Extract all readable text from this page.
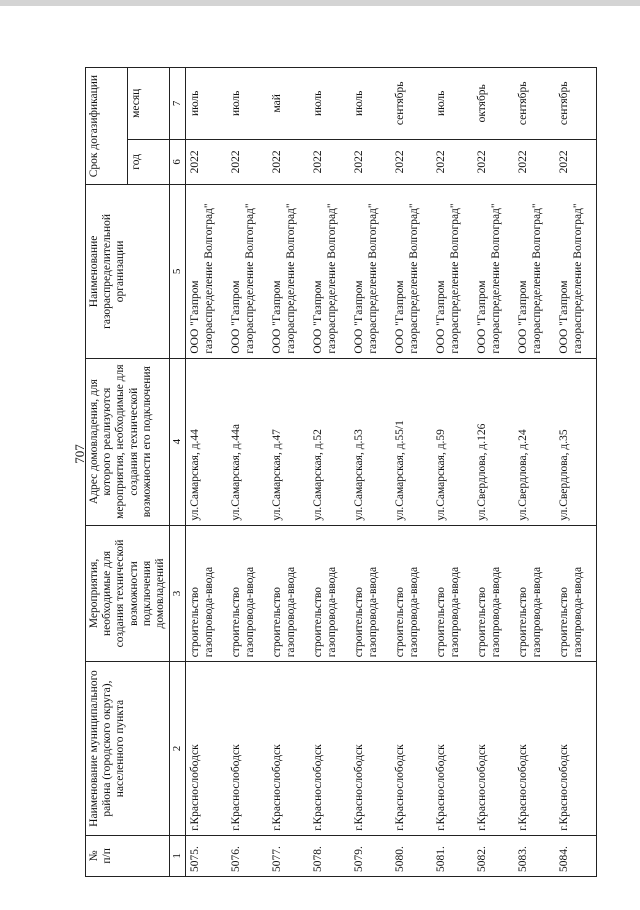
707
№
п/п	Наименование муниципального района (городского округа), населенного пункта	Мероприятия, необходимые для создания технической возможности подключения домовладений	Адрес домовладения, для которого реализуются мероприятия, необходимые для создания технической возможности его подключения	Наименование газораспределительной организации	Срок догазификации	
					год	месяц
1	2	3	4	5	6	7
5075.	г.Краснослободск	строительство газопровода-ввода	ул.Самарская, д.44	ООО "Газпром газораспределение Волгоград"	2022	июль
5076.	г.Краснослободск	строительство газопровода-ввода	ул.Самарская, д.44а	ООО "Газпром газораспределение Волгоград"	2022	июль
5077.	г.Краснослободск	строительство газопровода-ввода	ул.Самарская, д.47	ООО "Газпром газораспределение Волгоград"	2022	май
5078.	г.Краснослободск	строительство газопровода-ввода	ул.Самарская, д.52	ООО "Газпром газораспределение Волгоград"	2022	июль
5079.	г.Краснослободск	строительство газопровода-ввода	ул.Самарская, д.53	ООО "Газпром газораспределение Волгоград"	2022	июль
5080.	г.Краснослободск	строительство газопровода-ввода	ул.Самарская, д.55/1	ООО "Газпром газораспределение Волгоград"	2022	сентябрь
5081.	г.Краснослободск	строительство газопровода-ввода	ул.Самарская, д.59	ООО "Газпром газораспределение Волгоград"	2022	июль
5082.	г.Краснослободск	строительство газопровода-ввода	ул.Свердлова, д.126	ООО "Газпром газораспределение Волгоград"	2022	октябрь
5083.	г.Краснослободск	строительство газопровода-ввода	ул.Свердлова, д.24	ООО "Газпром газораспределение Волгоград"	2022	сентябрь
5084.	г.Краснослободск	строительство газопровода-ввода	ул.Свердлова, д.35	ООО "Газпром газораспределение Волгоград"	2022	сентябрь
